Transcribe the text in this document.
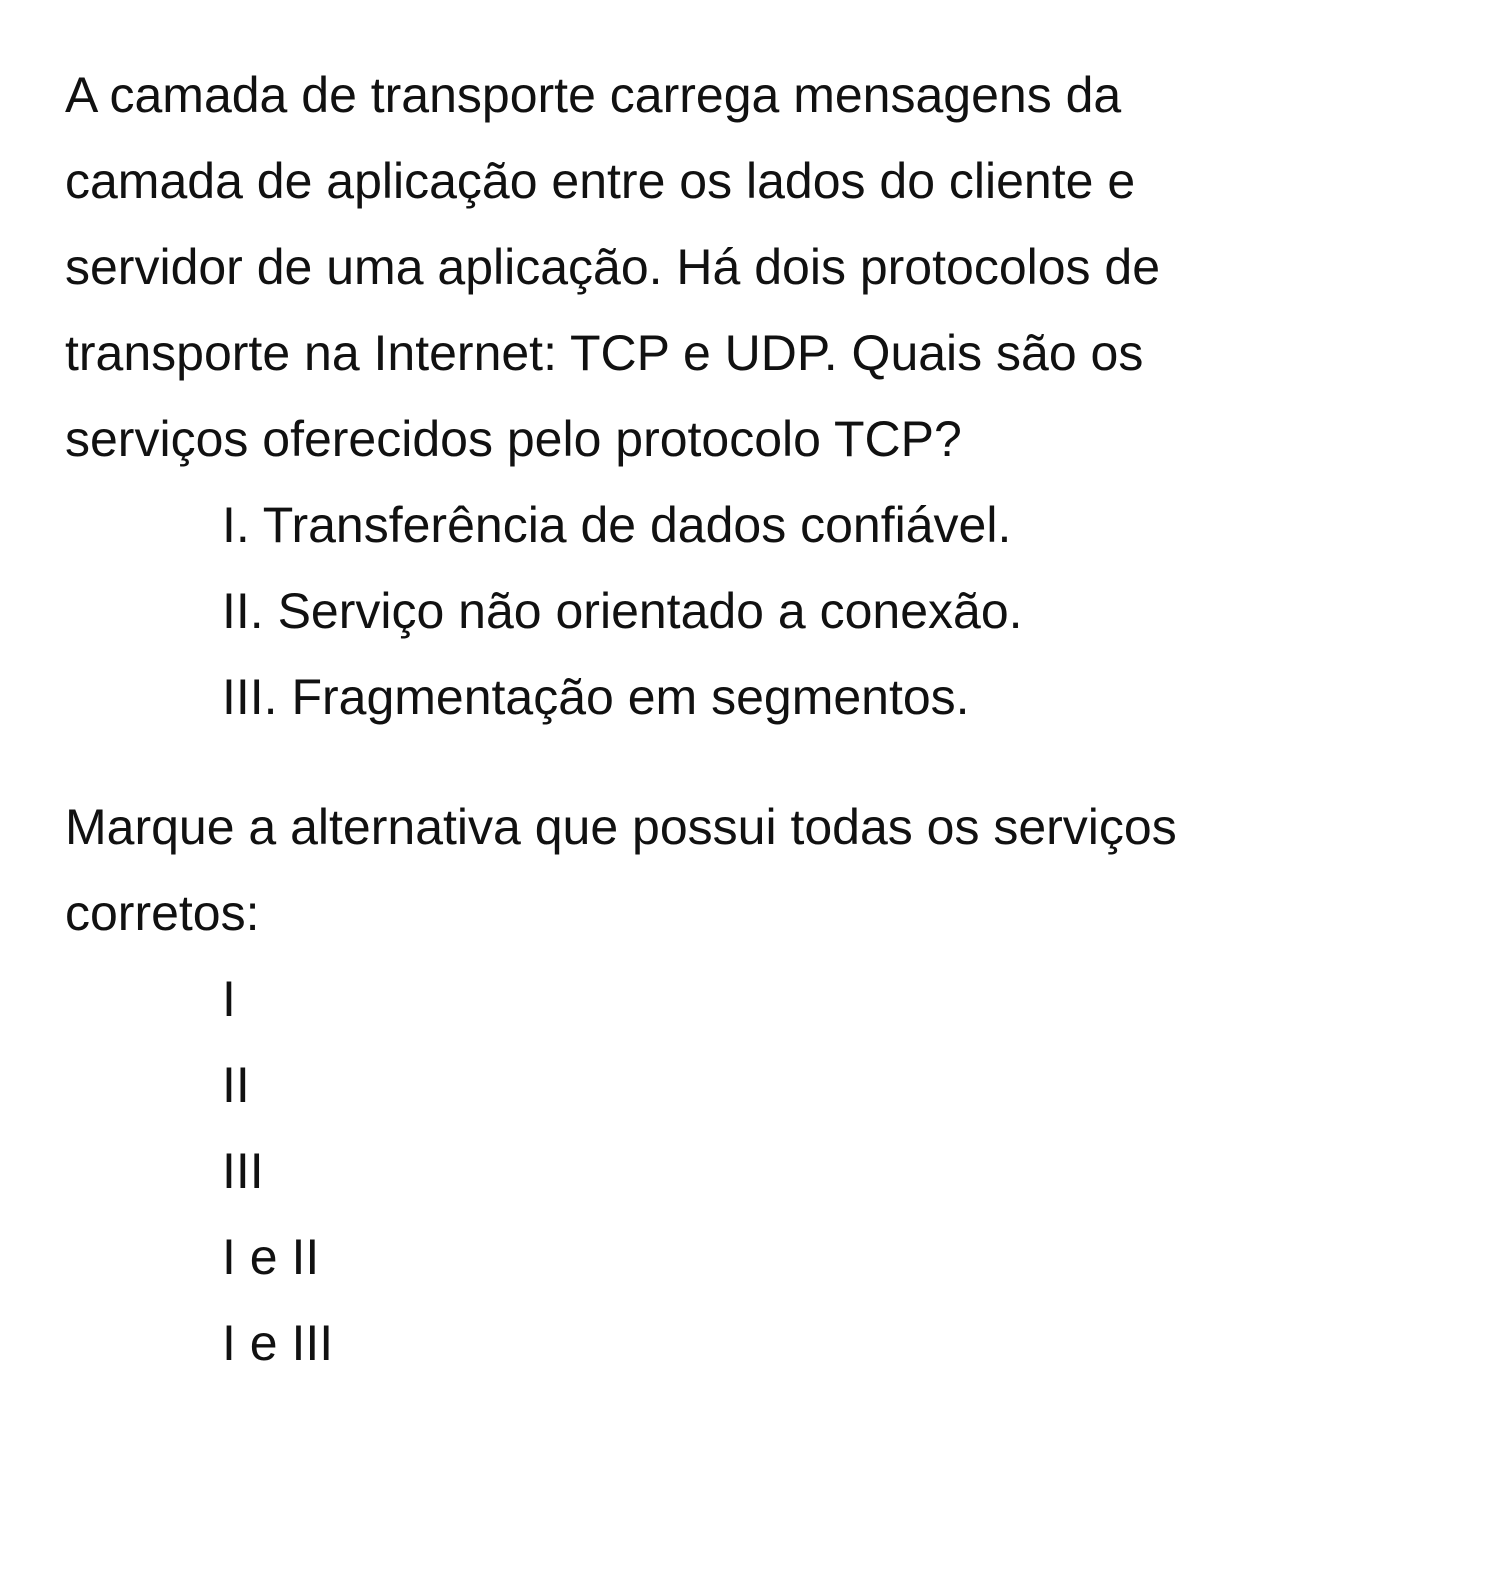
A camada de transporte carrega mensagens da
camada de aplicação entre os lados do cliente e
servidor de uma aplicação. Há dois protocolos de
transporte na Internet: TCP e UDP. Quais são os
serviços oferecidos pelo protocolo TCP?
I. Transferência de dados confiável.
II. Serviço não orientado a conexão.
III. Fragmentação em segmentos.
Marque a alternativa que possui todas os serviços
corretos:
I
II
III
I e II
I e III
